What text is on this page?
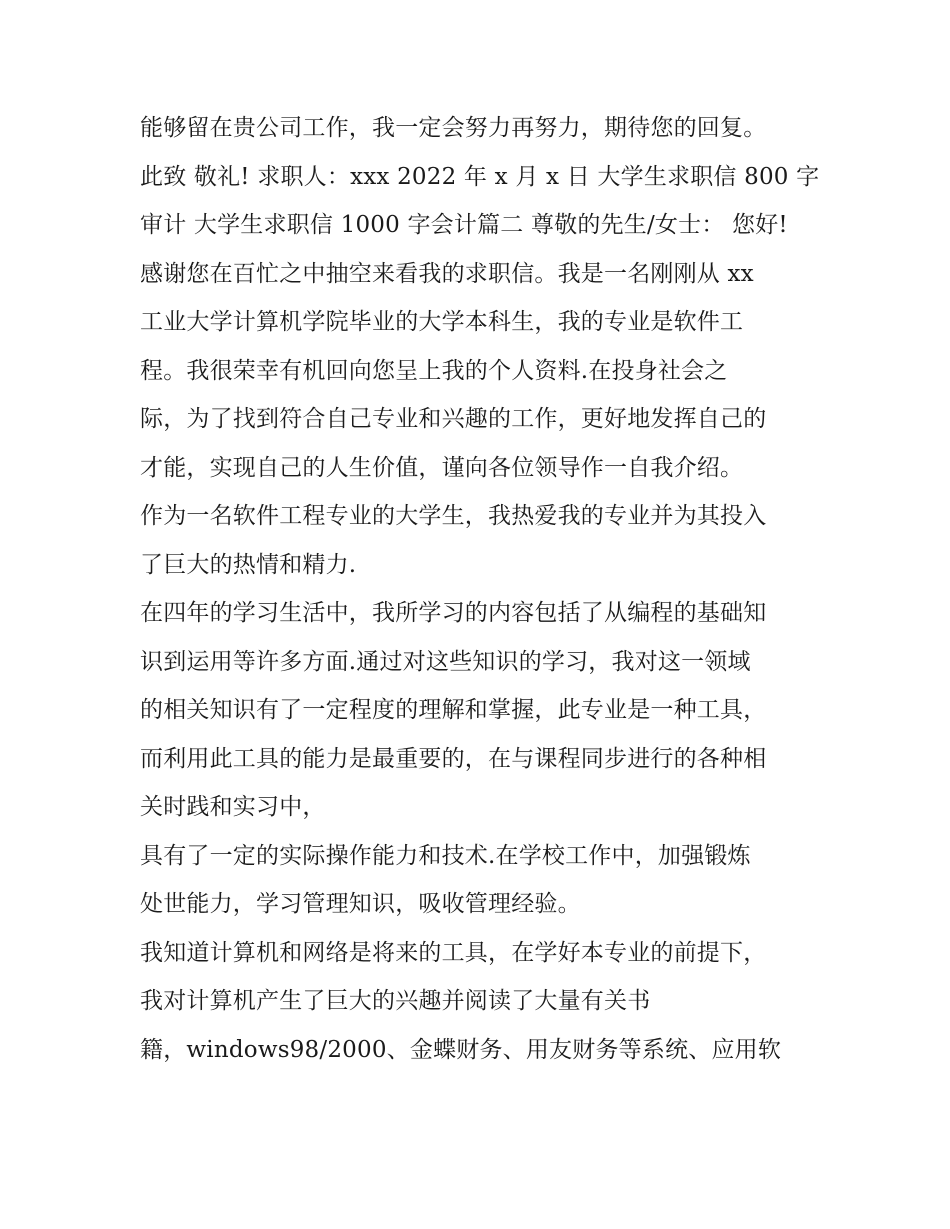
能够留在贵公司工作，我一定会努力再努力，期待您的回复。
此致 敬礼! 求职人：xxx 2022 年 x 月 x 日 大学生求职信 800 字
审计 大学生求职信 1000 字会计篇二 尊敬的先生/女士： 您好!
感谢您在百忙之中抽空来看我的求职信。我是一名刚刚从 xx
工业大学计算机学院毕业的大学本科生，我的专业是软件工
程。我很荣幸有机回向您呈上我的个人资料.在投身社会之
际，为了找到符合自己专业和兴趣的工作，更好地发挥自己的
才能，实现自己的人生价值，谨向各位领导作一自我介绍。
作为一名软件工程专业的大学生，我热爱我的专业并为其投入
了巨大的热情和精力.
在四年的学习生活中，我所学习的内容包括了从编程的基础知
识到运用等许多方面.通过对这些知识的学习，我对这一领域
的相关知识有了一定程度的理解和掌握，此专业是一种工具，
而利用此工具的能力是最重要的，在与课程同步进行的各种相
关时践和实习中，
具有了一定的实际操作能力和技术.在学校工作中，加强锻炼
处世能力，学习管理知识，吸收管理经验。
我知道计算机和网络是将来的工具，在学好本专业的前提下，
我对计算机产生了巨大的兴趣并阅读了大量有关书
籍，windows98/2000、金蝶财务、用友财务等系统、应用软
